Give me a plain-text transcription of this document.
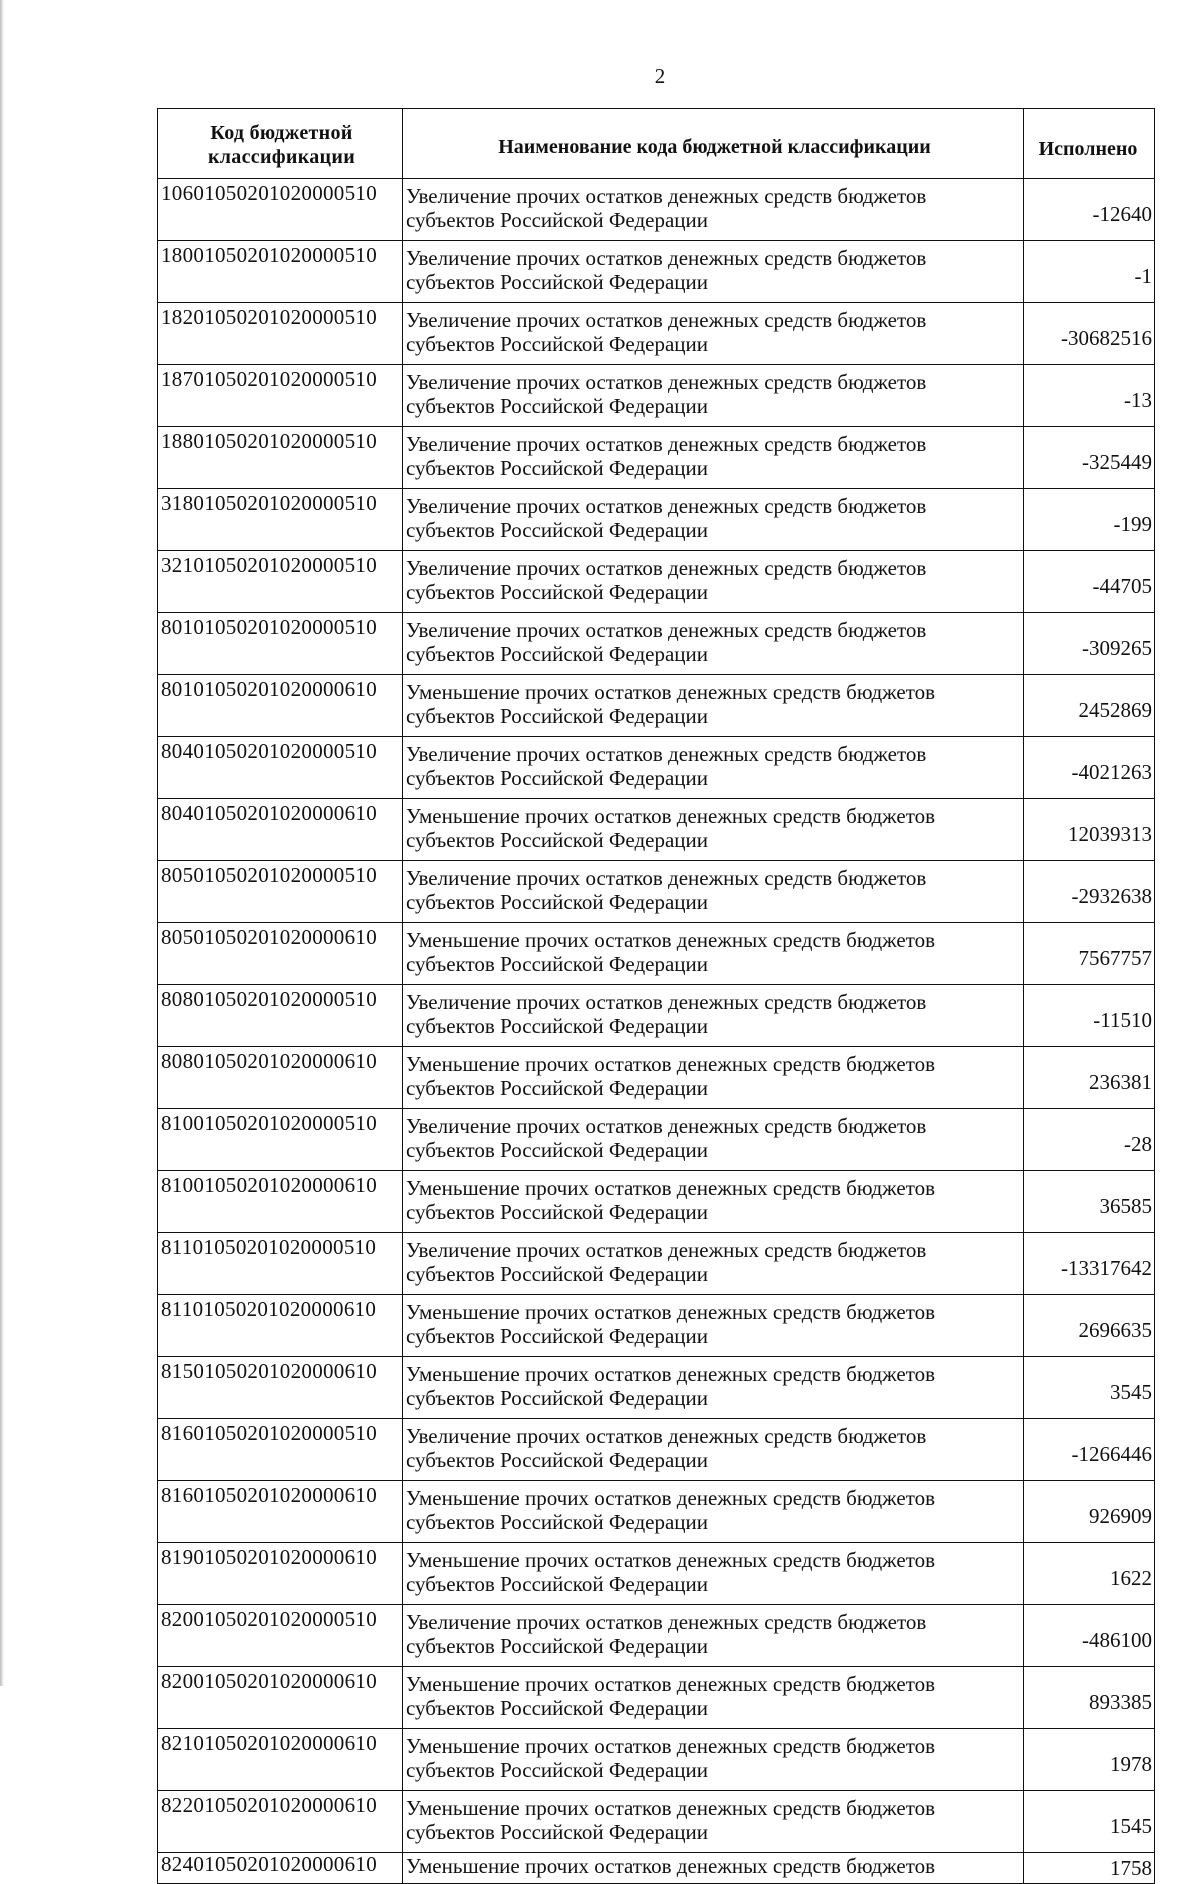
2
Код бюджетной классификации	Наименование кода бюджетной классификации	Исполнено
10601050201020000510	Увеличение прочих остатков денежных средств бюджетов
субъектов Российской Федерации	-12640
18001050201020000510	Увеличение прочих остатков денежных средств бюджетов
субъектов Российской Федерации	-1
18201050201020000510	Увеличение прочих остатков денежных средств бюджетов
субъектов Российской Федерации	-30682516
18701050201020000510	Увеличение прочих остатков денежных средств бюджетов
субъектов Российской Федерации	-13
18801050201020000510	Увеличение прочих остатков денежных средств бюджетов
субъектов Российской Федерации	-325449
31801050201020000510	Увеличение прочих остатков денежных средств бюджетов
субъектов Российской Федерации	-199
32101050201020000510	Увеличение прочих остатков денежных средств бюджетов
субъектов Российской Федерации	-44705
80101050201020000510	Увеличение прочих остатков денежных средств бюджетов
субъектов Российской Федерации	-309265
80101050201020000610	Уменьшение прочих остатков денежных средств бюджетов
субъектов Российской Федерации	2452869
80401050201020000510	Увеличение прочих остатков денежных средств бюджетов
субъектов Российской Федерации	-4021263
80401050201020000610	Уменьшение прочих остатков денежных средств бюджетов
субъектов Российской Федерации	12039313
80501050201020000510	Увеличение прочих остатков денежных средств бюджетов
субъектов Российской Федерации	-2932638
80501050201020000610	Уменьшение прочих остатков денежных средств бюджетов
субъектов Российской Федерации	7567757
80801050201020000510	Увеличение прочих остатков денежных средств бюджетов
субъектов Российской Федерации	-11510
80801050201020000610	Уменьшение прочих остатков денежных средств бюджетов
субъектов Российской Федерации	236381
81001050201020000510	Увеличение прочих остатков денежных средств бюджетов
субъектов Российской Федерации	-28
81001050201020000610	Уменьшение прочих остатков денежных средств бюджетов
субъектов Российской Федерации	36585
81101050201020000510	Увеличение прочих остатков денежных средств бюджетов
субъектов Российской Федерации	-13317642
81101050201020000610	Уменьшение прочих остатков денежных средств бюджетов
субъектов Российской Федерации	2696635
81501050201020000610	Уменьшение прочих остатков денежных средств бюджетов
субъектов Российской Федерации	3545
81601050201020000510	Увеличение прочих остатков денежных средств бюджетов
субъектов Российской Федерации	-1266446
81601050201020000610	Уменьшение прочих остатков денежных средств бюджетов
субъектов Российской Федерации	926909
81901050201020000610	Уменьшение прочих остатков денежных средств бюджетов
субъектов Российской Федерации	1622
82001050201020000510	Увеличение прочих остатков денежных средств бюджетов
субъектов Российской Федерации	-486100
82001050201020000610	Уменьшение прочих остатков денежных средств бюджетов
субъектов Российской Федерации	893385
82101050201020000610	Уменьшение прочих остатков денежных средств бюджетов
субъектов Российской Федерации	1978
82201050201020000610	Уменьшение прочих остатков денежных средств бюджетов
субъектов Российской Федерации	1545
82401050201020000610	Уменьшение прочих остатков денежных средств бюджетов	1758
